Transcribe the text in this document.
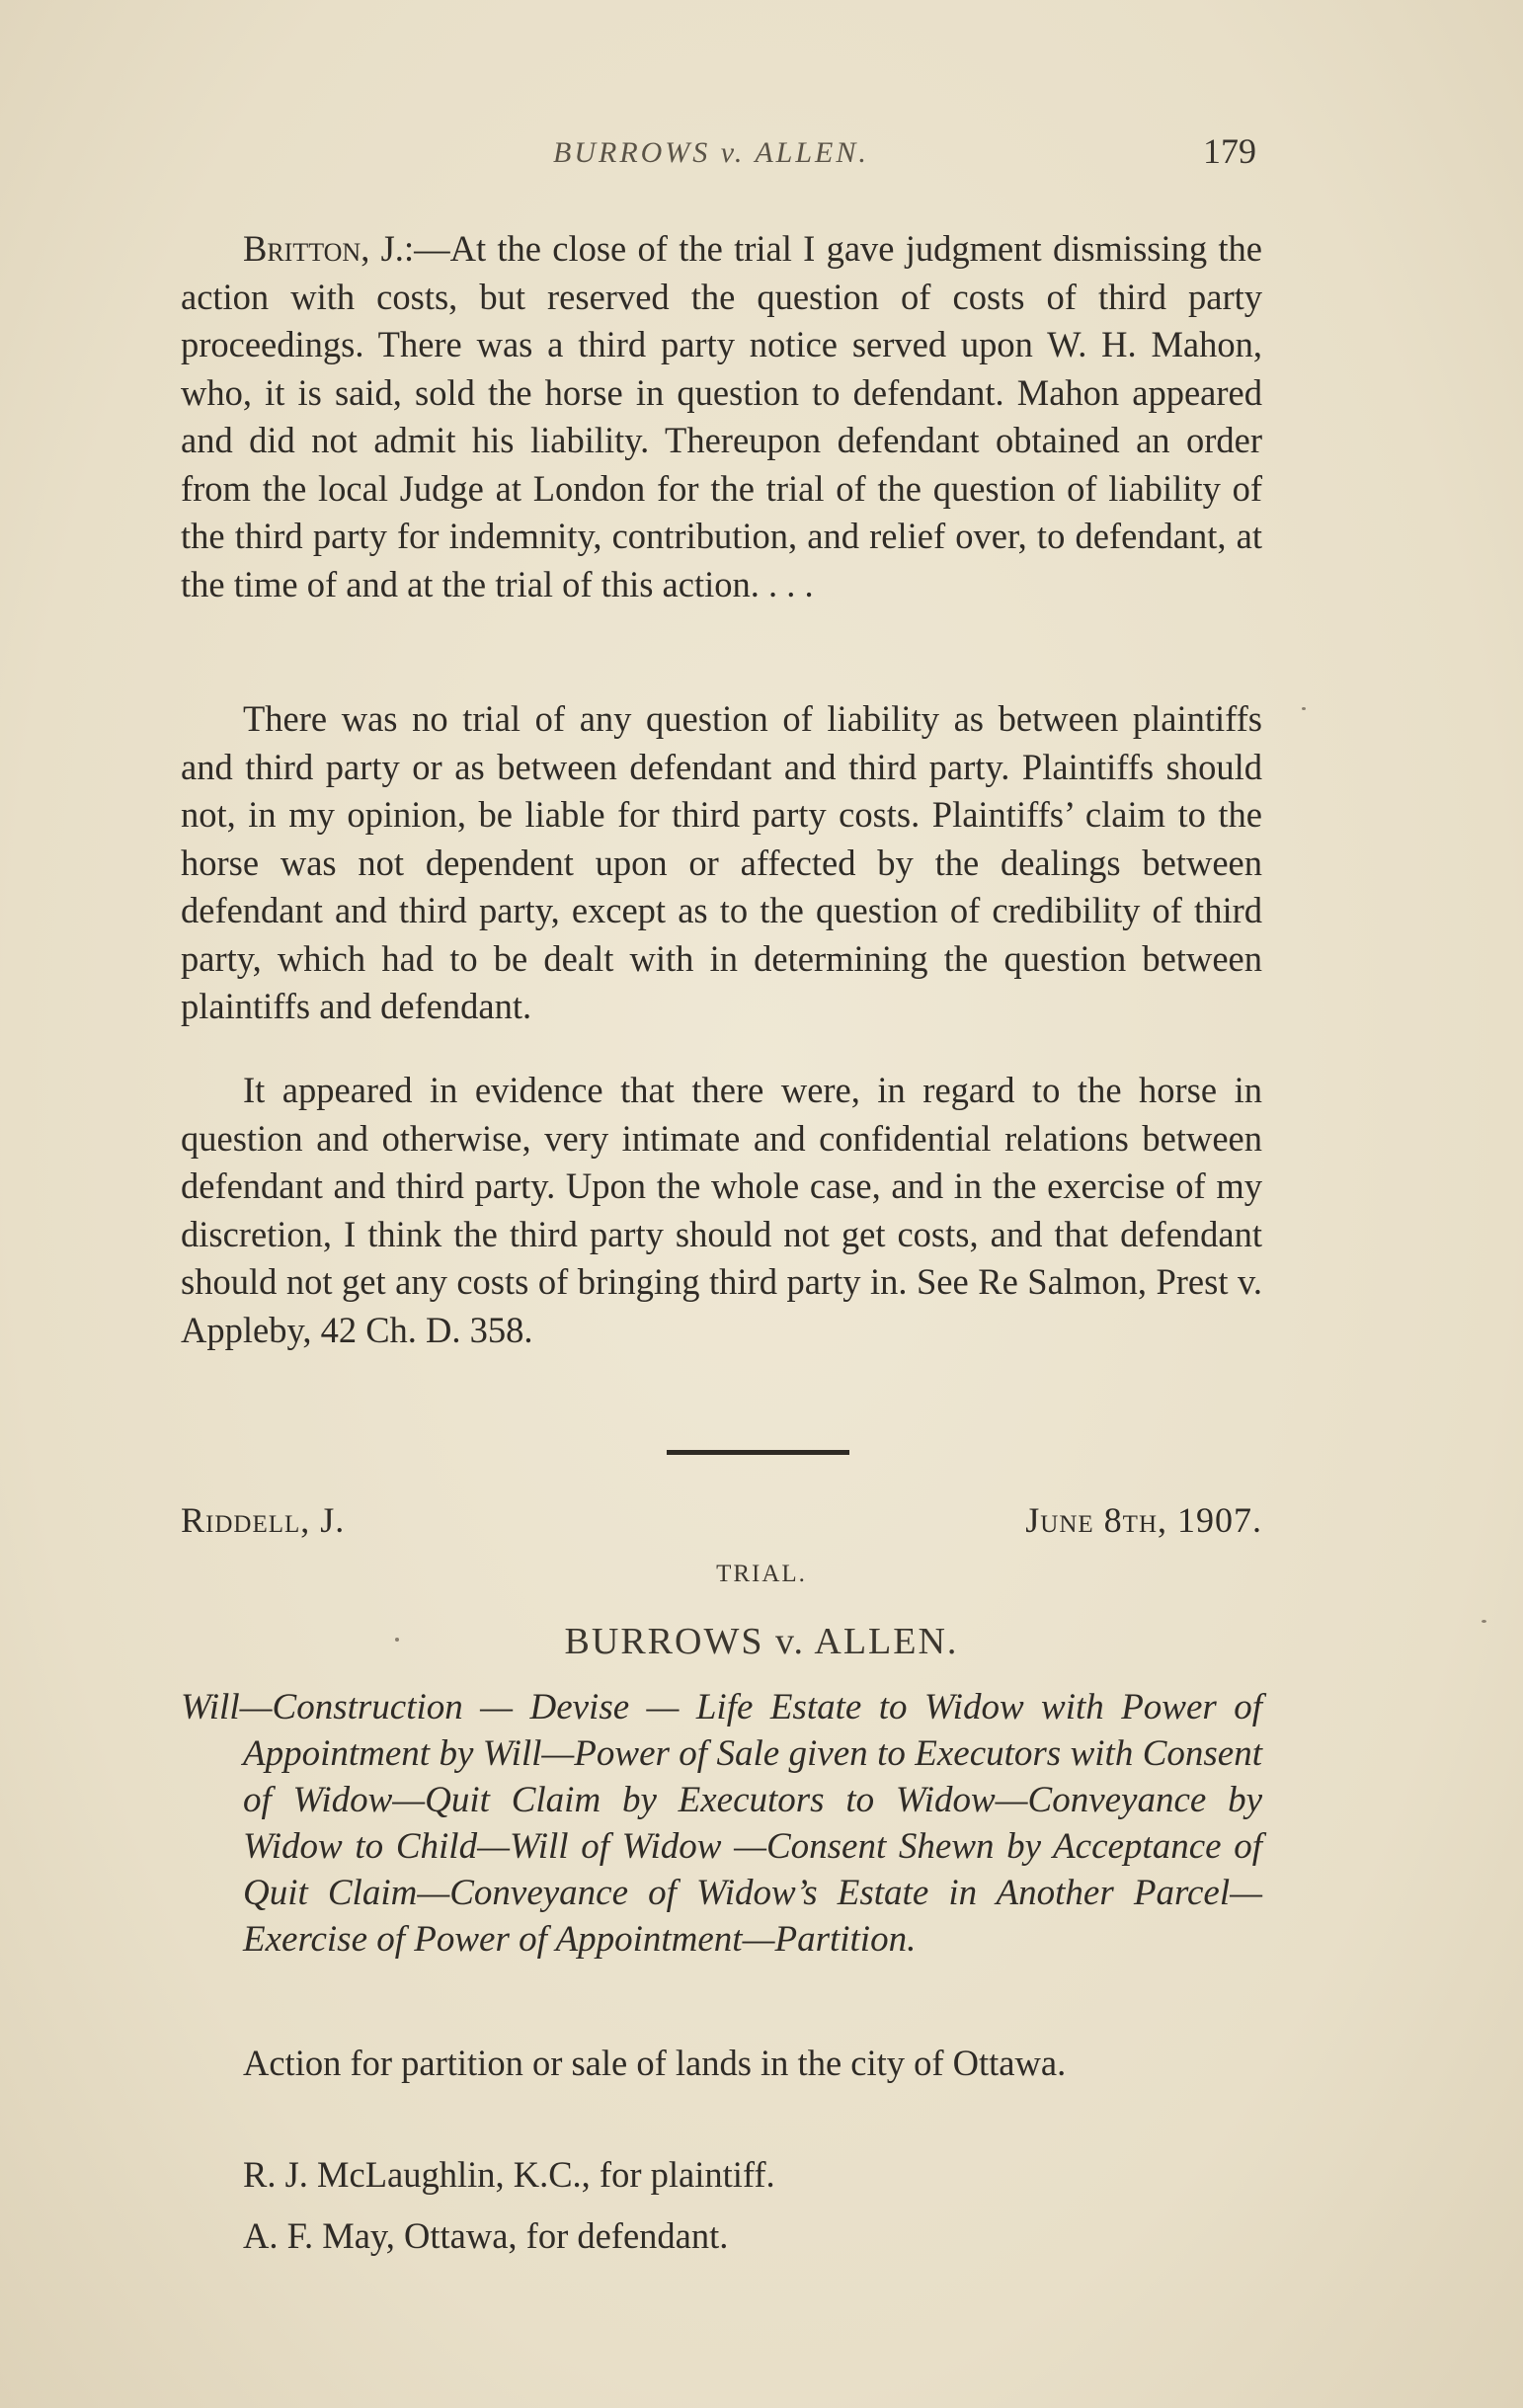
BURROWS v. ALLEN.	179

Britton, J.:—At the close of the trial I gave judgment dismissing the action with costs, but reserved the question of costs of third party proceedings. There was a third party notice served upon W. H. Mahon, who, it is said, sold the horse in question to defendant. Mahon appeared and did not admit his liability. Thereupon defendant obtained an order from the local Judge at London for the trial of the question of liability of the third party for indemnity, contribution, and relief over, to defendant, at the time of and at the trial of this action. . . .

There was no trial of any question of liability as between plaintiffs and third party or as between defendant and third party. Plaintiffs should not, in my opinion, be liable for third party costs. Plaintiffs’ claim to the horse was not dependent upon or affected by the dealings between defendant and third party, except as to the question of credibility of third party, which had to be dealt with in determining the question between plaintiffs and defendant.

It appeared in evidence that there were, in regard to the horse in question and otherwise, very intimate and confidential relations between defendant and third party. Upon the whole case, and in the exercise of my discretion, I think the third party should not get costs, and that defendant should not get any costs of bringing third party in. See Re Salmon, Prest v. Appleby, 42 Ch. D. 358.

Riddell, J.	June 8th, 1907.
TRIAL.
BURROWS v. ALLEN.
Will—Construction — Devise — Life Estate to Widow with Power of Appointment by Will—Power of Sale given to Executors with Consent of Widow—Quit Claim by Executors to Widow—Conveyance by Widow to Child—Will of Widow —Consent Shewn by Acceptance of Quit Claim—Conveyance of Widow’s Estate in Another Parcel—Exercise of Power of Appointment—Partition.

Action for partition or sale of lands in the city of Ottawa.

R. J. McLaughlin, K.C., for plaintiff.
A. F. May, Ottawa, for defendant.
